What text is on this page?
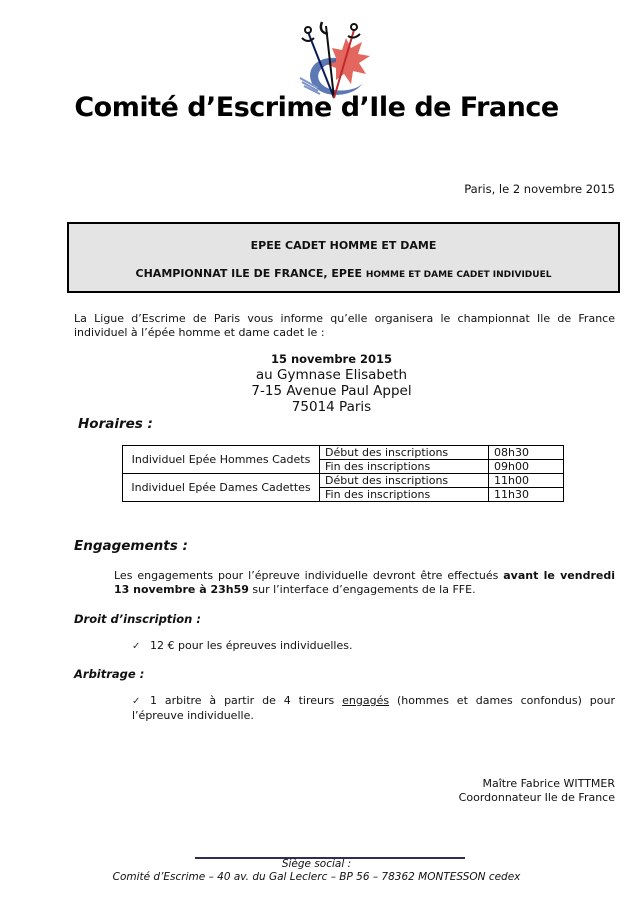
Comité d’Escrime d’Ile de France
Paris, le 2 novembre 2015
EPEE CADET HOMME ET DAME
CHAMPIONNAT ILE DE FRANCE, EPEE HOMME ET DAME CADET INDIVIDUEL
La Ligue d’Escrime de Paris vous informe qu’elle organisera le championnat Ile de France individuel à l’épée homme et dame cadet le :
15 novembre 2015
au Gymnase Elisabeth
7-15 Avenue Paul Appel
75014 Paris
Horaires :
Individuel Epée Hommes Cadets	Début des inscriptions	08h30
	Fin des inscriptions	09h00
Individuel Epée Dames Cadettes	Début des inscriptions	11h00
	Fin des inscriptions	11h30
Engagements :
Les engagements pour l’épreuve individuelle devront être effectués avant le vendredi 13 novembre à 23h59 sur l’interface d’engagements de la FFE.
Droit d’inscription :
✓ 12 € pour les épreuves individuelles.
Arbitrage :
✓ 1 arbitre à partir de 4 tireurs engagés (hommes et dames confondus) pour l’épreuve individuelle.
Maître Fabrice WITTMER
Coordonnateur Ile de France
Siège social :
Comité d’Escrime – 40 av. du Gal Leclerc – BP 56 – 78362 MONTESSON cedex
